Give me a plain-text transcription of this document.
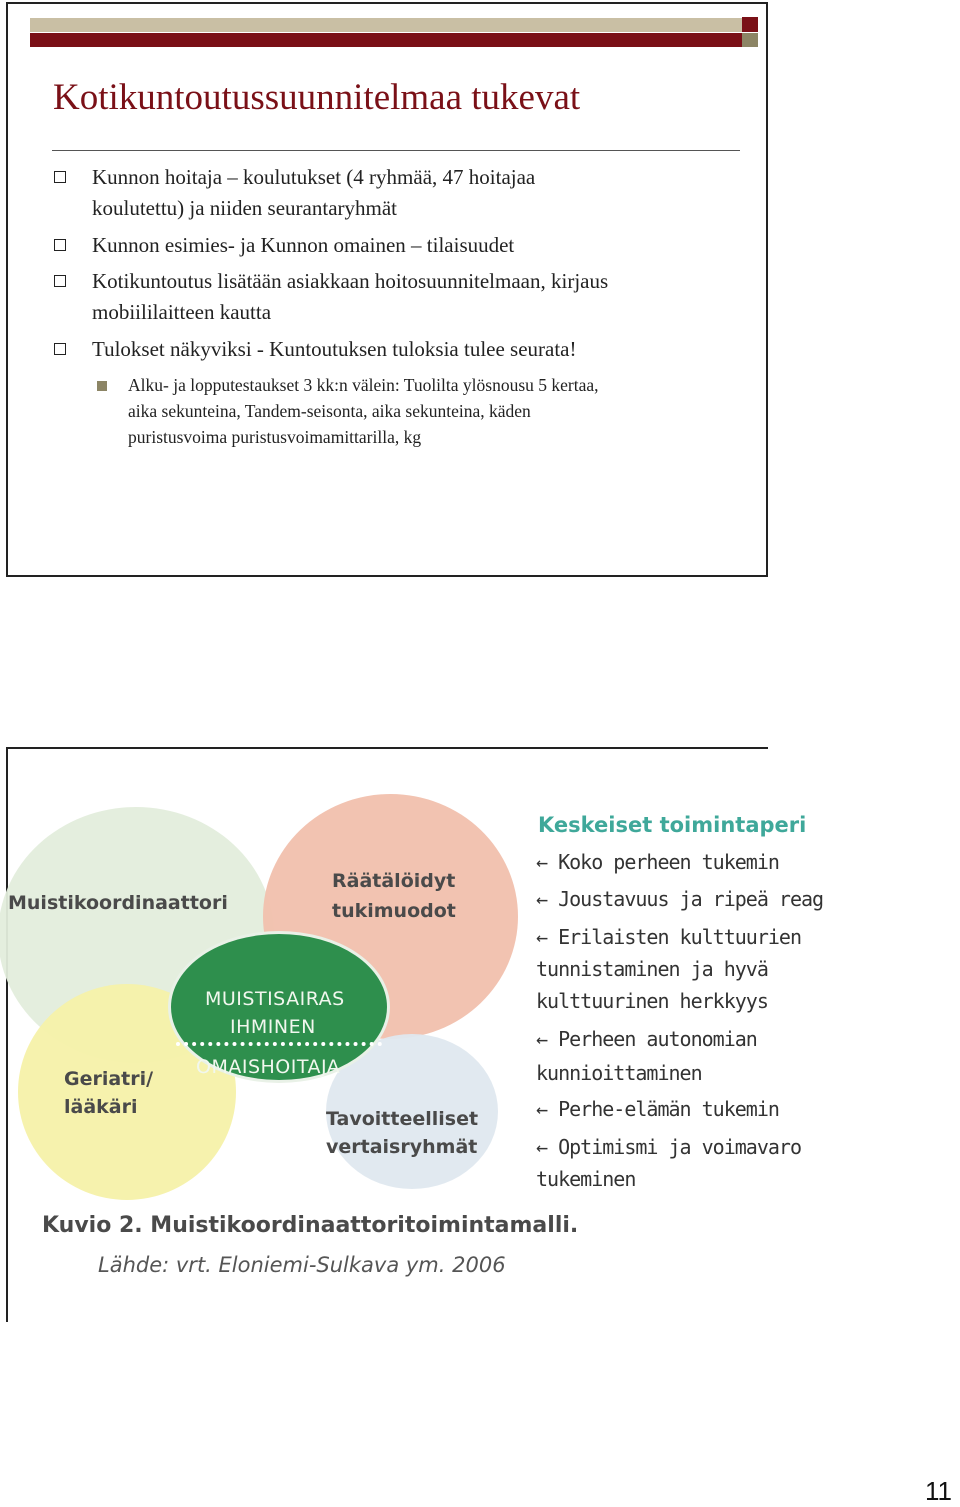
Kotikuntoutussuunnitelmaa tukevat
Kunnon hoitaja – koulutukset (4 ryhmää, 47 hoitajaa
koulutettu) ja niiden seurantaryhmät
Kunnon esimies- ja Kunnon omainen – tilaisuudet
Kotikuntoutus lisätään asiakkaan hoitosuunnitelmaan, kirjaus
mobiililaitteen kautta
Tulokset näkyviksi - Kuntoutuksen tuloksia tulee seurata!
Alku- ja lopputestaukset 3 kk:n välein: Tuolilta ylösnousu 5 kertaa,
aika sekunteina, Tandem-seisonta, aika sekunteina, käden
puristusvoima puristusvoimamittarilla, kg
Muistikoordinaattori
Räätälöidyt
tukimuodot
MUISTISAIRAS
IHMINEN
OMAISHOITAJA
Geriatri/
lääkäri
Tavoitteelliset
vertaisryhmät
Keskeiset toimintaperi
← Koko perheen tukemin
← Joustavuus ja ripeä reag
← Erilaisten kulttuurien
tunnistaminen ja hyvä
kulttuurinen herkkyys
← Perheen autonomian
kunnioittaminen
← Perhe-elämän tukemin
← Optimismi ja voimavaro
tukeminen
Kuvio 2. Muistikoordinaattoritoimintamalli.
Lähde: vrt. Eloniemi-Sulkava ym. 2006
11
